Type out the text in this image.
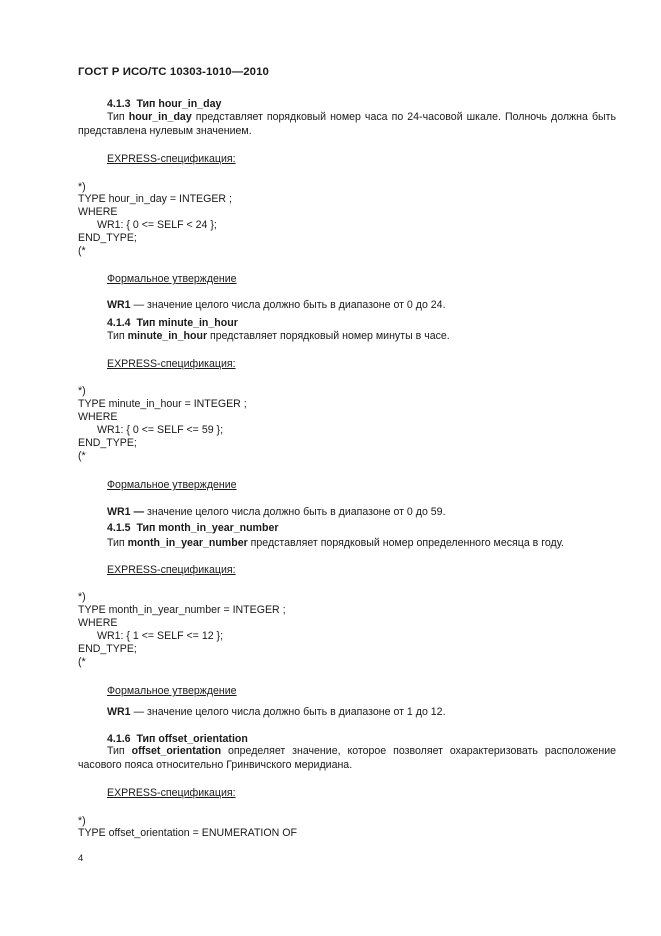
ГОСТ Р ИСО/ТС 10303-1010—2010
4.1.3  Тип hour_in_day
Тип hour_in_day представляет порядковый номер часа по 24-часовой шкале. Полночь должна быть представлена нулевым значением.
EXPRESS-спецификация:
*)
TYPE hour_in_day = INTEGER ;
WHERE
WR1: { 0 <= SELF < 24 };
END_TYPE;
(*
Формальное утверждение
WR1 — значение целого числа должно быть в диапазоне от 0 до 24.
4.1.4  Тип minute_in_hour
Тип minute_in_hour представляет порядковый номер минуты в часе.
EXPRESS-спецификация:
*)
TYPE minute_in_hour = INTEGER ;
WHERE
WR1: { 0 <= SELF <= 59 };
END_TYPE;
(*
Формальное утверждение
WR1 — значение целого числа должно быть в диапазоне от 0 до 59.
4.1.5  Тип month_in_year_number
Тип month_in_year_number представляет порядковый номер определенного месяца в году.
EXPRESS-спецификация:
*)
TYPE month_in_year_number = INTEGER ;
WHERE
WR1: { 1 <= SELF <= 12 };
END_TYPE;
(*
Формальное утверждение
WR1 — значение целого числа должно быть в диапазоне от 1 до 12.
4.1.6  Тип offset_orientation
Тип offset_orientation определяет значение, которое позволяет охарактеризовать расположение часового пояса относительно Гринвичского меридиана.
EXPRESS-спецификация:
*)
TYPE offset_orientation = ENUMERATION OF
4
